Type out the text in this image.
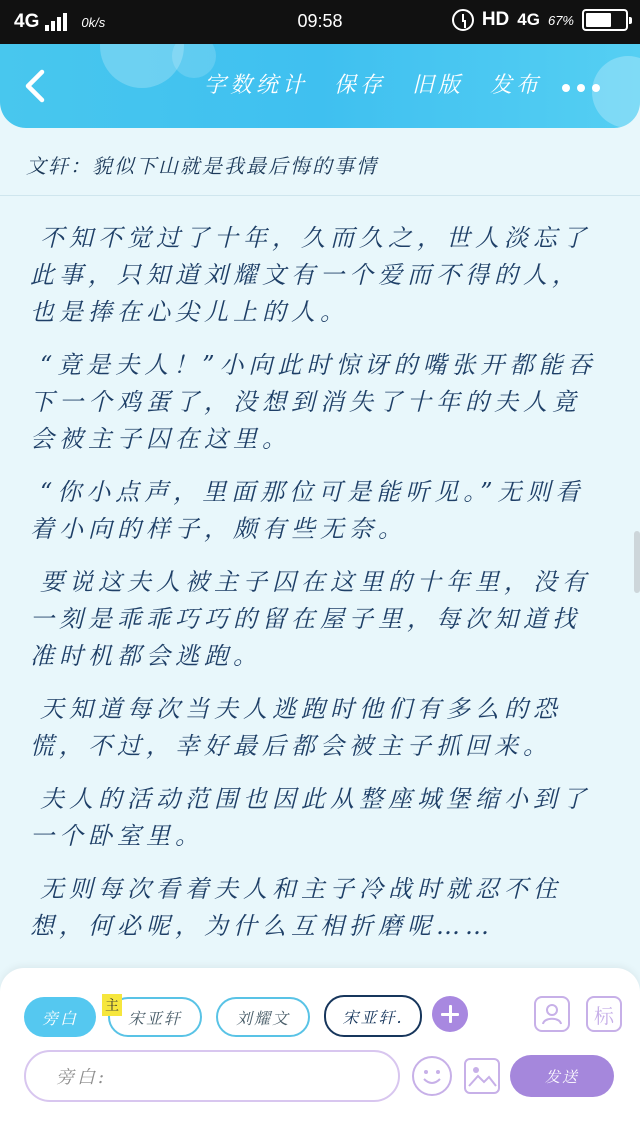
4G	0k/s	09:58	HD 4G 67%
字数统计 保存 旧版 发布
文轩：貌似下山就是我最后悔的事情

不知不觉过了十年，久而久之，世人淡忘了此事，只知道刘耀文有一个爱而不得的人，也是捧在心尖儿上的人。

“竟是夫人！”小向此时惊讶的嘴张开都能吞下一个鸡蛋了，没想到消失了十年的夫人竟会被主子囚在这里。

“你小点声，里面那位可是能听见。”无则看着小向的样子，颇有些无奈。

要说这夫人被主子囚在这里的十年里，没有一刻是乖乖巧巧的留在屋子里，每次知道找准时机都会逃跑。

天知道每次当夫人逃跑时他们有多么的恐慌，不过，幸好最后都会被主子抓回来。

夫人的活动范围也因此从整座城堡缩小到了一个卧室里。

无则每次看着夫人和主子冷战时就忍不住想，何必呢，为什么互相折磨呢……

旁白	宋亚轩	刘耀文	宋亚轩.
主	标
旁白:	发送
